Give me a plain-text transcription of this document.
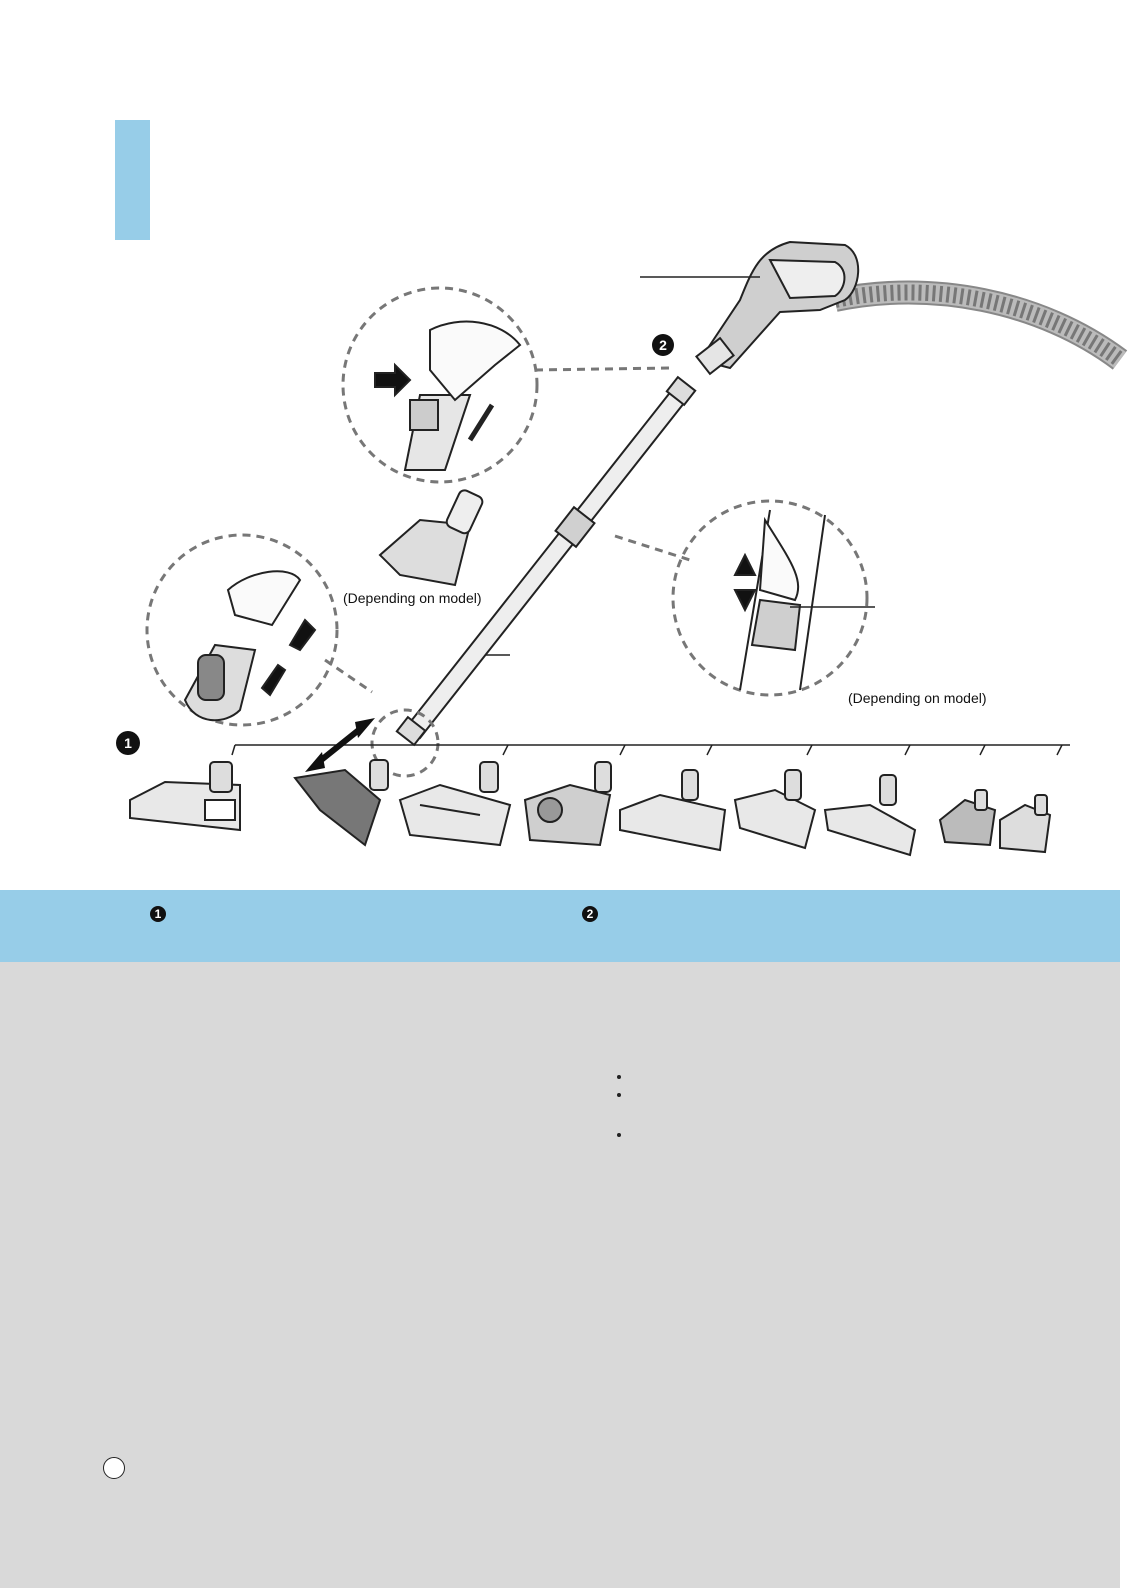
2
1
(Depending on model)
(Depending on model)
1	2
